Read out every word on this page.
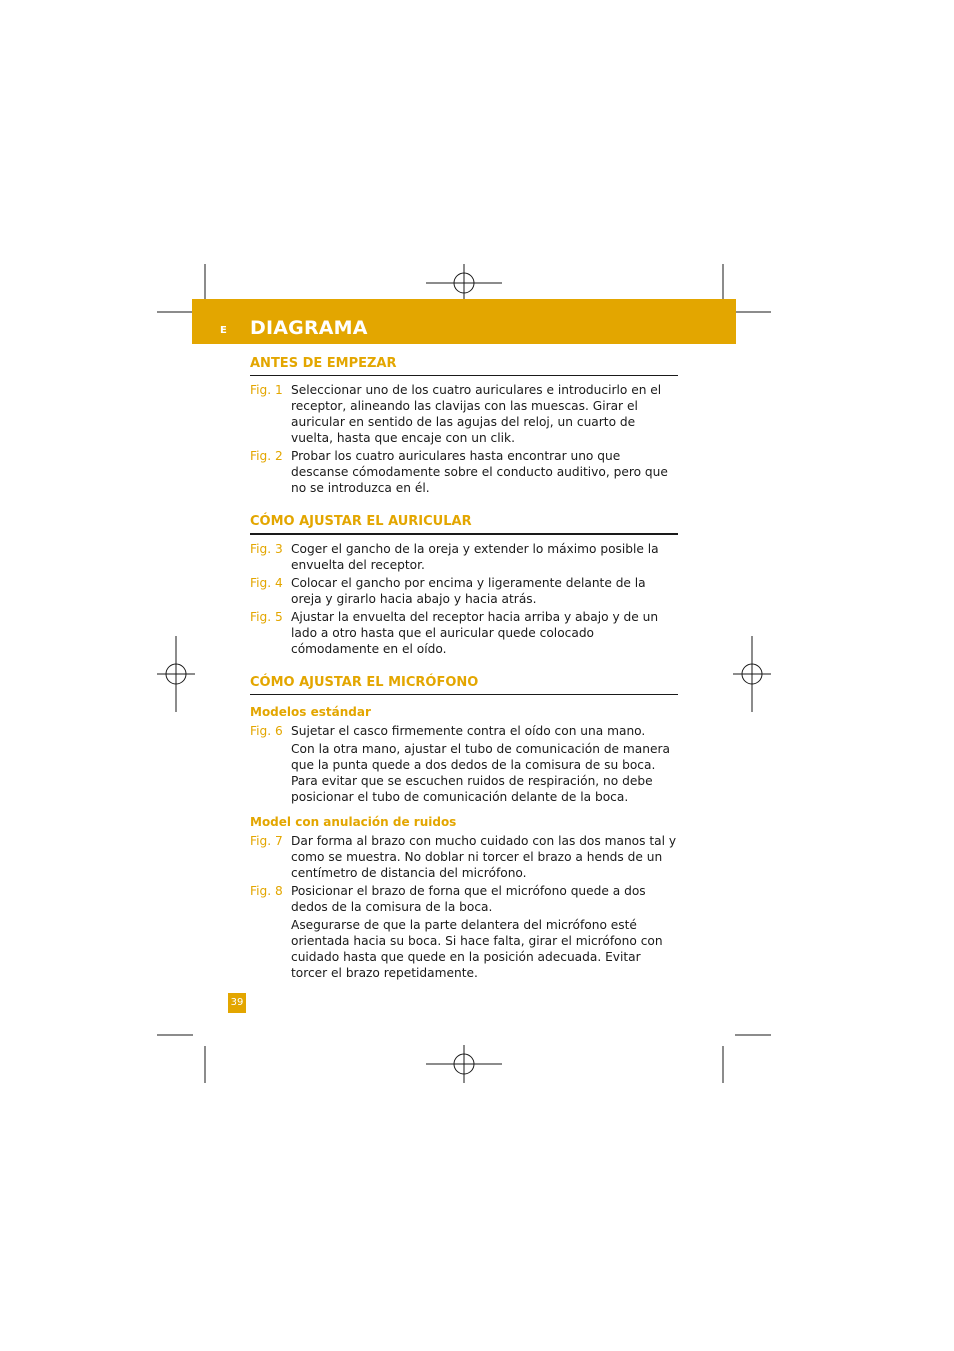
E DIAGRAMA
ANTES DE EMPEZAR
Fig. 1 Seleccionar uno de los cuatro auriculares e introducirlo en el receptor, alineando las clavijas con las muescas. Girar el auricular en sentido de las agujas del reloj, un cuarto de vuelta, hasta que encaje con un clik.
Fig. 2 Probar los cuatro auriculares hasta encontrar uno que descanse cómodamente sobre el conducto auditivo, pero que no se introduzca en él.
CÓMO AJUSTAR EL AURICULAR
Fig. 3 Coger el gancho de la oreja y extender lo máximo posible la envuelta del receptor.
Fig. 4 Colocar el gancho por encima y ligeramente delante de la oreja y girarlo hacia abajo y hacia atrás.
Fig. 5 Ajustar la envuelta del receptor hacia arriba y abajo y de un lado a otro hasta que el auricular quede colocado cómodamente en el oído.
CÓMO AJUSTAR EL MICRÓFONO
Modelos estándar
Fig. 6 Sujetar el casco firmemente contra el oído con una mano.
Con la otra mano, ajustar el tubo de comunicación de manera que la punta quede a dos dedos de la comisura de su boca. Para evitar que se escuchen ruidos de respiración, no debe posicionar el tubo de comunicación delante de la boca.
Model con anulación de ruidos
Fig. 7 Dar forma al brazo con mucho cuidado con las dos manos tal y como se muestra. No doblar ni torcer el brazo a hends de un centímetro de distancia del micrófono.
Fig. 8 Posicionar el brazo de forna que el micrófono quede a dos dedos de la comisura de la boca.
Asegurarse de que la parte delantera del micrófono esté orientada hacia su boca. Si hace falta, girar el micrófono con cuidado hasta que quede en la posición adecuada. Evitar torcer el brazo repetidamente.
39
